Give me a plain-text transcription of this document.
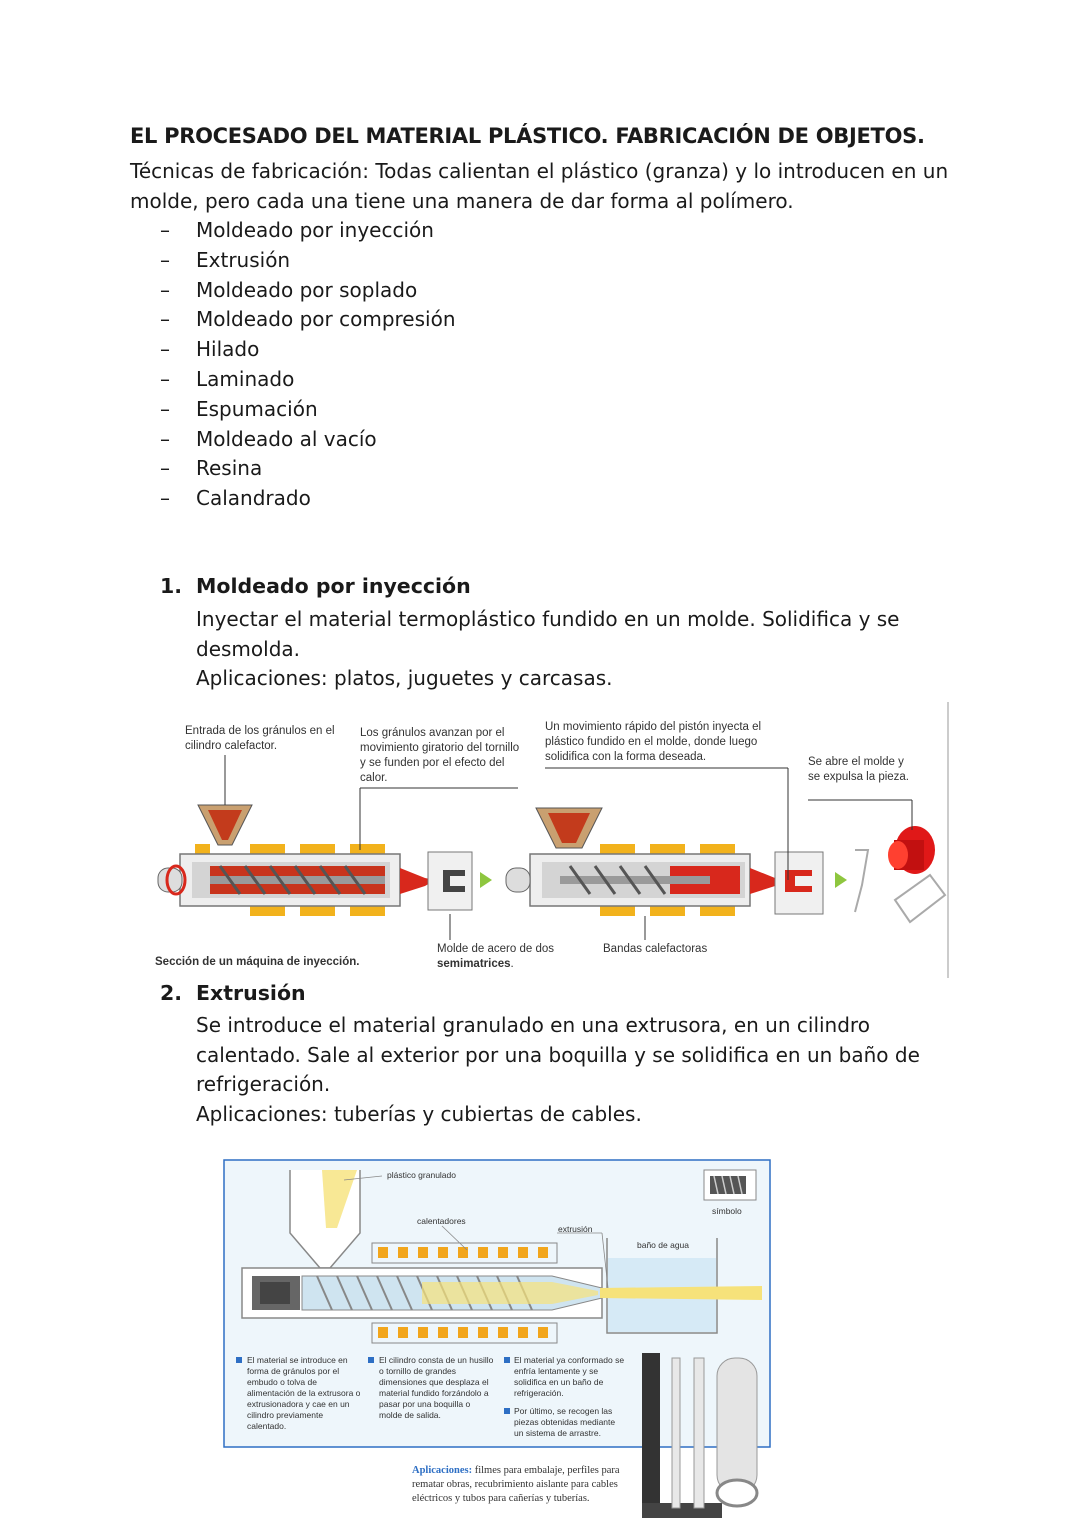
EL PROCESADO DEL MATERIAL PLÁSTICO. FABRICACIÓN DE OBJETOS.
Técnicas de fabricación: Todas calientan el plástico (granza) y lo introducen en un molde, pero cada una tiene una manera de dar forma al polímero.
– Moldeado por inyección
– Extrusión
– Moldeado por soplado
– Moldeado por compresión
– Hilado
– Laminado
– Espumación
– Moldeado al vacío
– Resina
– Calandrado
1. Moldeado por inyección

Inyectar el material termoplástico fundido en un molde. Solidifica y se desmolda.

Aplicaciones: platos, juguetes y carcasas.

Entrada de los gránulos en el cilindro calefactor.
Los gránulos avanzan por el movimiento giratorio del tornillo y se funden por el efecto del calor.
Un movimiento rápido del pistón inyecta el plástico fundido en el molde, donde luego solidifica con la forma deseada.	Se abre el molde y se expulsa la pieza.
Molde de acero de dos semimatrices.
Bandas calefactoras
Sección de un máquina de inyección.
2. Extrusión

Se introduce el material granulado en una extrusora, en un cilindro calentado. Sale al exterior por una boquilla y se solidifica en un baño de refrigeración.

Aplicaciones: tuberías y cubiertas de cables.

plástico granulado
calentadores
extrusión
baño de agua
símbolo
El material se introduce en forma de gránulos por el embudo o tolva de alimentación de la extrusora o extrusionadora y cae en un cilindro previamente calentado.
El cilindro consta de un husillo o tornillo de grandes dimensiones que desplaza el material fundido forzándolo a pasar por una boquilla o molde de salida.
El material ya conformado se enfría lentamente y se solidifica en un baño de refrigeración.
Por último, se recogen las piezas obtenidas mediante un sistema de arrastre.
Aplicaciones: filmes para embalaje, perfiles para rematar obras, recubrimiento aislante para cables eléctricos y tubos para cañerías y tuberías.
